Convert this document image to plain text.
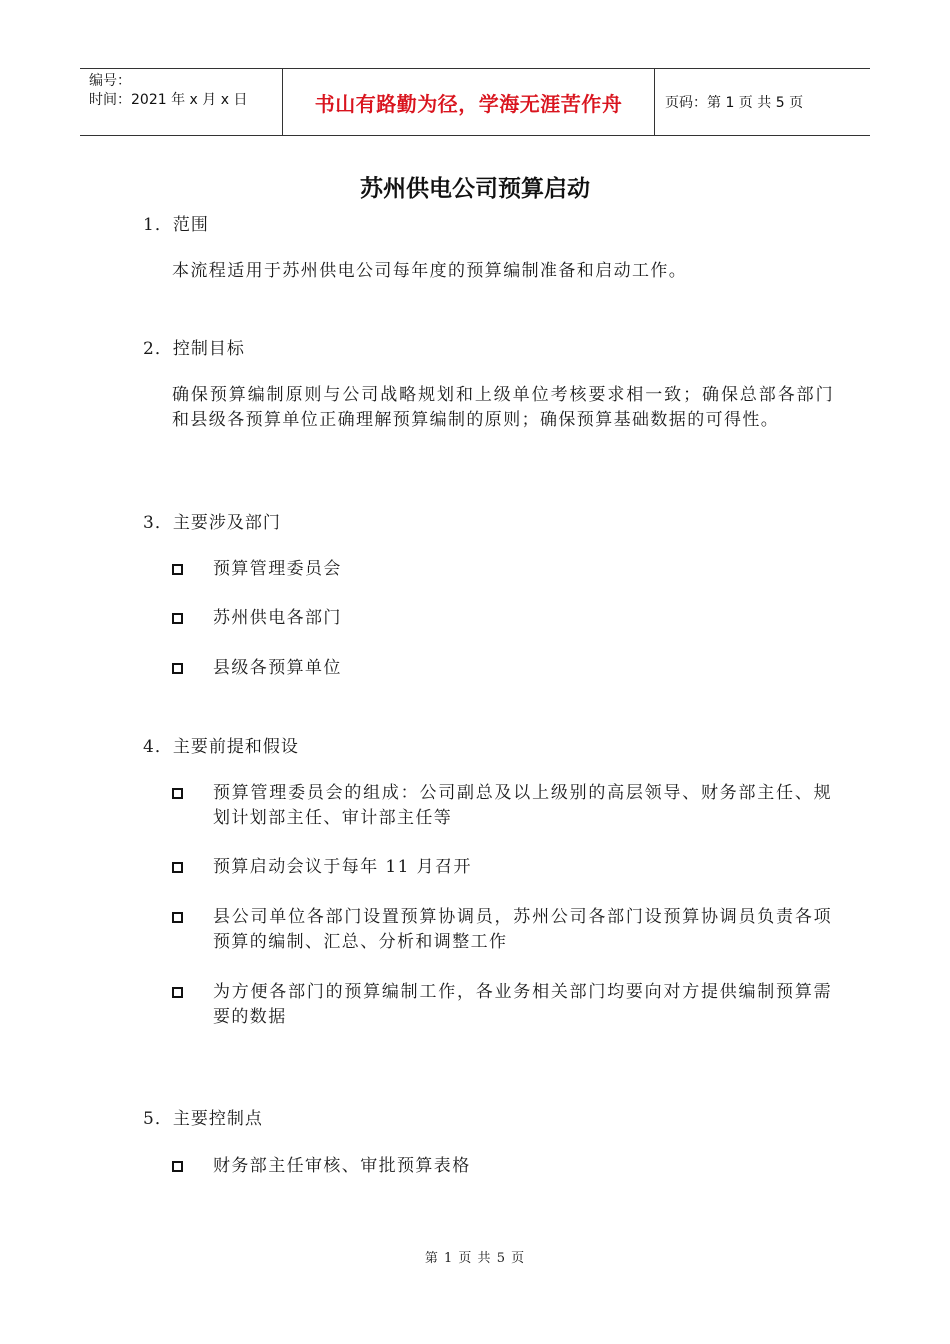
编号：
时间：2021 年 x 月 x 日	书山有路勤为径，学海无涯苦作舟	页码：第 1 页 共 5 页
苏州供电公司预算启动
1．范围
本流程适用于苏州供电公司每年度的预算编制准备和启动工作。
2．控制目标
确保预算编制原则与公司战略规划和上级单位考核要求相一致；确保总部各部门和县级各预算单位正确理解预算编制的原则；确保预算基础数据的可得性。
3．主要涉及部门
预算管理委员会
苏州供电各部门
县级各预算单位
4．主要前提和假设
预算管理委员会的组成：公司副总及以上级别的高层领导、财务部主任、规划计划部主任、审计部主任等
预算启动会议于每年 11 月召开
县公司单位各部门设置预算协调员，苏州公司各部门设预算协调员负责各项预算的编制、汇总、分析和调整工作
为方便各部门的预算编制工作，各业务相关部门均要向对方提供编制预算需要的数据
5．主要控制点
财务部主任审核、审批预算表格
第 1 页 共 5 页
